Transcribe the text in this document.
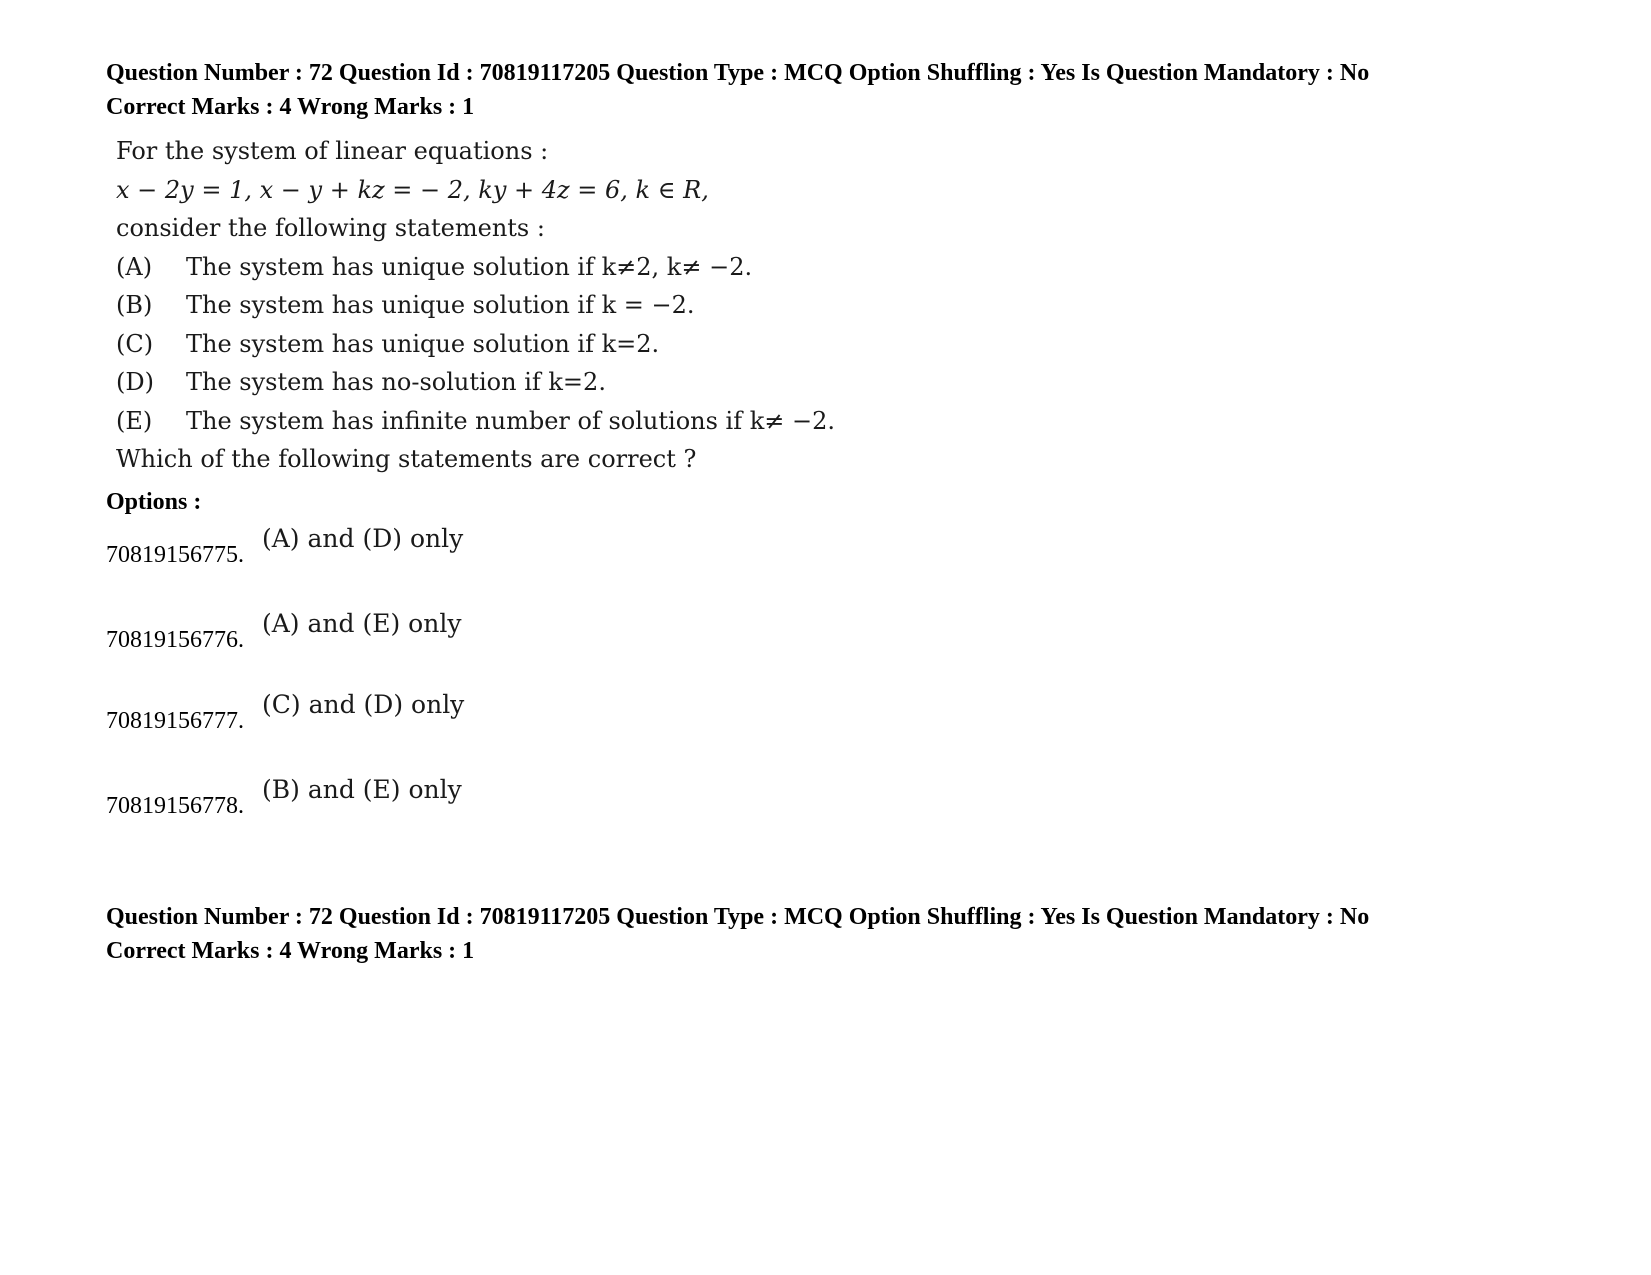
Question Number : 72 Question Id : 70819117205 Question Type : MCQ Option Shuffling : Yes Is Question Mandatory : No
Correct Marks : 4 Wrong Marks : 1
For the system of linear equations :
x − 2y = 1, x − y + kz = − 2, ky + 4z = 6, k ∈ R,
consider the following statements :
(A) The system has unique solution if k≠2, k≠ −2.
(B) The system has unique solution if k = −2.
(C) The system has unique solution if k=2.
(D) The system has no-solution if k=2.
(E) The system has infinite number of solutions if k≠ −2.
Which of the following statements are correct ?
Options :
70819156775.
(A) and (D) only
70819156776.
(A) and (E) only
70819156777.
(C) and (D) only
70819156778.
(B) and (E) only
Question Number : 72 Question Id : 70819117205 Question Type : MCQ Option Shuffling : Yes Is Question Mandatory : No
Correct Marks : 4 Wrong Marks : 1
